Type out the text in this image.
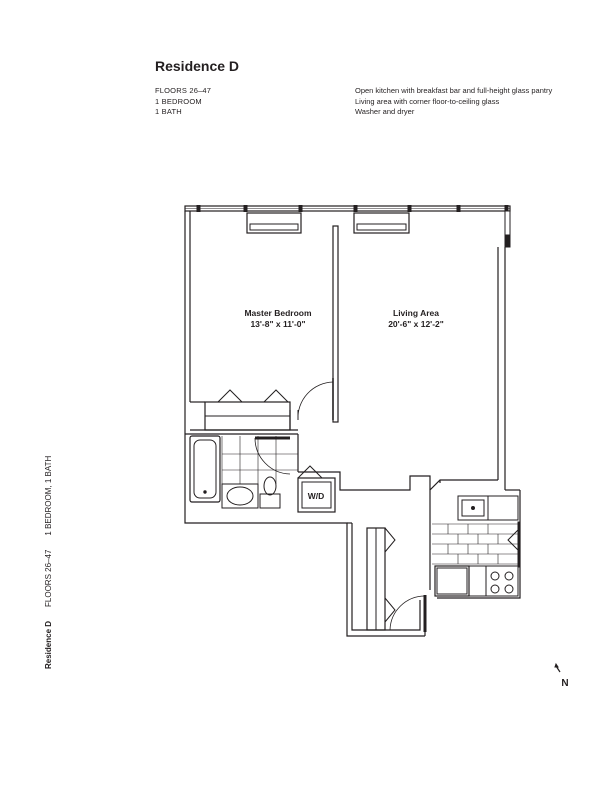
Residence D
FLOORS 26–47
1 BEDROOM
1 BATH
Open kitchen with breakfast bar and full-height glass pantry
Living area with corner floor-to-ceiling glass
Washer and dryer
Residence DFLOORS 26–471 BEDROOM, 1 BATH
Master Bedroom
13'-8" x 11'-0"
Living Area
20'-6" x 12'-2"
W/D
N
